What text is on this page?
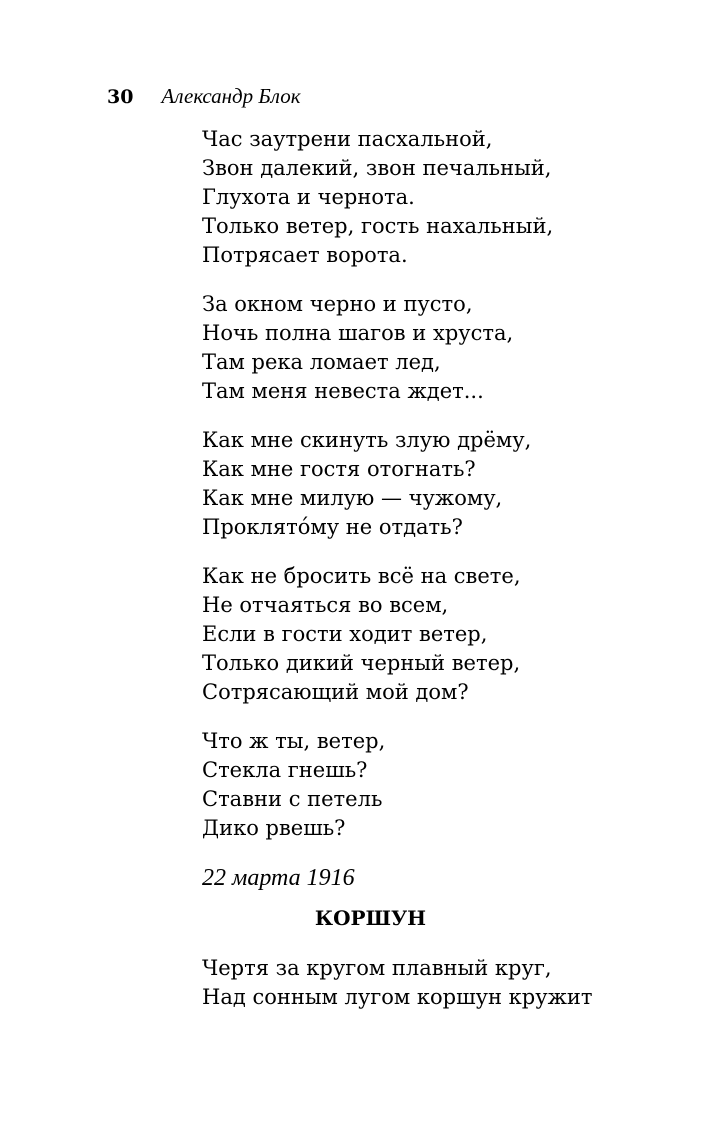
30 Александр Блок
Час заутрени пасхальной,
Звон далекий, звон печальный,
Глухота и чернота.
Только ветер, гость нахальный,
Потрясает ворота.
За окном черно и пусто,
Ночь полна шагов и хруста,
Там река ломает лед,
Там меня невеста ждет...
Как мне скинуть злую дрёму,
Как мне гостя отогнать?
Как мне милую — чужому,
Проклято́му не отдать?
Как не бросить всё на свете,
Не отчаяться во всем,
Если в гости ходит ветер,
Только дикий черный ветер,
Сотрясающий мой дом?
Что ж ты, ветер,
Стекла гнешь?
Ставни с петель
Дико рвешь?
22 марта 1916
КОРШУН
Чертя за кругом плавный круг,
Над сонным лугом коршун кружит
